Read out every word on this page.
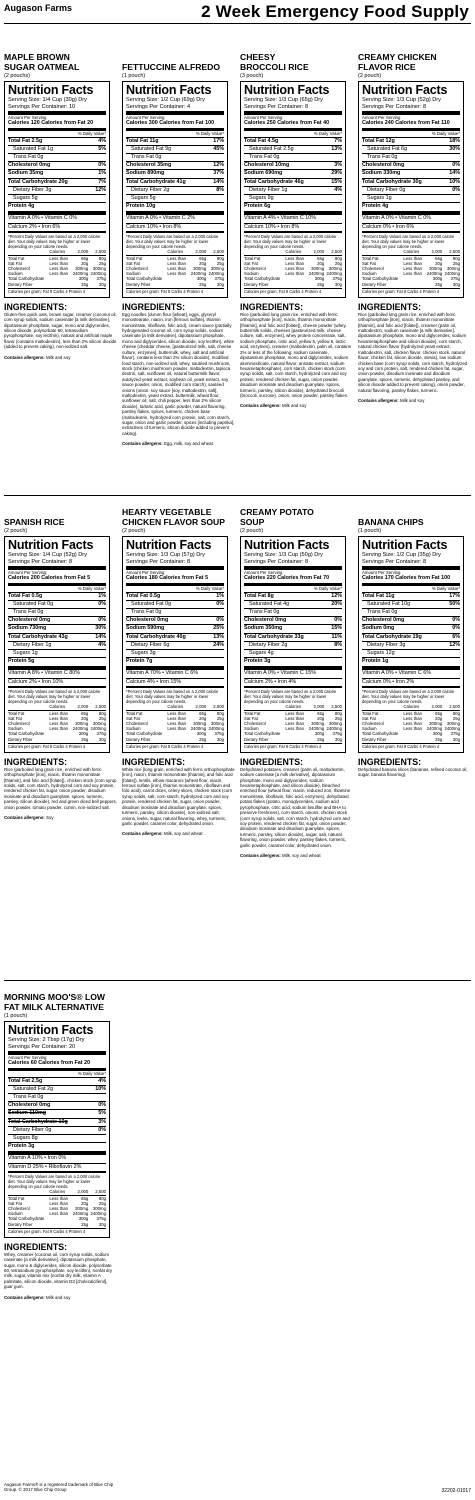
Augason Farms	2 Week Emergency Food Supply
MAPLE BROWN
SUGAR OATMEAL
(2 pouchs)
Nutrition Facts
Serving Size: 1/4 Cup (30g) Dry
Servings Per Container: 10
Amount Per Serving
Calories 120 Calories from Fat 20
% Daily Value*
Total Fat 2.5g	4%
Saturated Fat 1g	5%
Trans Fat 0g
Cholesterol 0mg	0%
Sodium 35mg	1%
Total Carbohydrate 20g	7%
Dietary Fiber 3g	12%
Sugars 5g
Protein 4g
Vitamin A 0% • Vitamin C 0%
Calcium 2% • Iron 6%
*Percent Daily Values are based on a 2,000 calorie diet. Your daily values may be higher or lower depending on your calorie needs.
	Calories	2,000	2,500
Total Fat	Less than	65g	80g
Sat Fat	Less than	20g	25g
Cholesterol	Less than	300mg	300mg
Sodium	Less than	2400mg	2400mg
Total Carbohydrate		300g	375g
Dietary Fiber		25g	30g
Calories per gram: Fat 9 Carbs 4 Protein 4
INGREDIENTS:
Gluten-free quick oats, brown sugar, creamer (coconut oil, corn syrup solids, sodium caseinate [a milk derivative], dipotassium phosphate, sugar, mono and diglycerides, silicon dioxide, polysorbate 60, tetrasodium pyrophosphate, soy lecithin), natural and artificial maple flavor (contains maltodextrin), less than 2% silicon dioxide (added to prevent caking), non-iodized salt.
Contains allergens: Milk and soy
FETTUCCINE ALFREDO
(1 pouch)
Nutrition Facts
Serving Size: 1/2 Cup (69g) Dry
Servings Per Container: 4
Amount Per Serving
Calories 300 Calories from Fat 100
% Daily Value*
Total Fat 11g	17%
Saturated Fat 9g	45%
Trans Fat 0g
Cholesterol 35mg	12%
Sodium 890mg	37%
Total Carbohydrate 41g	14%
Dietary Fiber 2g	8%
Sugars 5g
Protein 10g
Vitamin A 0% • Vitamin C 2%
Calcium 10% • Iron 8%
*Percent Daily Values are based on a 2,000 calorie diet. Your daily values may be higher or lower depending on your calorie needs.
	Calories	2,000	2,500
Total Fat	Less than	65g	80g
Sat Fat	Less than	20g	25g
Cholesterol	Less than	300mg	300mg
Sodium	Less than	2400mg	2400mg
Total Carbohydrate		300g	375g
Dietary Fiber		25g	30g
Calories per gram: Fat 9 Carbs 4 Protein 4
INGREDIENTS:
Egg noodles (durum flour [wheat], eggs, glyceryl monostearate, niacin, iron [ferrous sulfate], thiamin mononitrate, riboflavin, folic acid), cream sauce (partially hydrogenated coconut oil, corn syrup solids, sodium caseinate [a milk derivative], dipotassium phosphate, mono and diglycerides, silicon dioxide, soy lecithin), white cheese (cheddar cheese, [pasteurized milk, salt, cheese culture, enzymes], buttermilk, whey, salt and artificial flavor), contains less than 2% silicon dioxide), modified food starch, non-iodized salt, whey, sautéed mushroom, stock (chicken mushroom powder, maltodextrin, tapioca dextrin, salt, sunflower oil, natural buttermilk flavor, autolyzed yeast extract, soybean oil, yeast extract, soy sauce powder, onion, modified corn starch), sautéed onions (onion, soy sauce [soy, maltodextrin, salt], maltodextrin, yeast extract, buttermilk, wheat flour, sunflower oil, salt, chili pepper, less than 2% silicon dioxide), tartaric acid, garlic powder, natural flavoring, parsley flakes, spices, turmeric, chicken base (maltodextrin, hydrolyzed corn protein, salt, corn starch, sugar, onion and garlic powder, spices [including paprika], extractives of turmeric, silicon dioxide added to prevent caking).
Contains allergens: Egg, milk, soy and wheat
CHEESY
BROCCOLI RICE
(3 pouch)
Nutrition Facts
Serving Size: 1/3 Cup (65g) Dry
Servings Per Container: 8
Amount Per Serving
Calories 250 Calories from Fat 40
% Daily Value*
Total Fat 4.5g	7%
Saturated Fat 2.5g	13%
Trans Fat 0g
Cholesterol 10mg	3%
Sodium 690mg	29%
Total Carbohydrate 46g	15%
Dietary Fiber 1g	4%
Sugars 9g
Protein 6g
Vitamin A 4% • Vitamin C 10%
Calcium 10% • Iron 8%
*Percent Daily Values are based on a 2,000 calorie diet. Your daily values may be higher or lower depending on your calorie needs.
	Calories	2,000	2,500
Total Fat	Less than	65g	80g
Sat Fat	Less than	20g	25g
Cholesterol	Less than	300mg	300mg
Sodium	Less than	2400mg	2400mg
Total Carbohydrate		300g	375g
Dietary Fiber		25g	30g
Calories per gram: Fat 9 Carbs 4 Protein 4
INGREDIENTS:
Rice (parboiled long grain rice, enriched with ferric orthophosphate [iron], niacin, thiamin mononitrate [thiamin], and folic acid [folate]), cheese powder (whey, buttermilk solids, cheeses [pasteurized milk, cheese culture, salt, enzymes], whey protein concentrate, salt, sodium phosphate, citric acid, yellow 5, yellow 6, lactic acid, enzymes), creamer (maltodextrin, palm oil, contains 2% or less of the following: sodium caseinate, dipotassium phosphate, mono and diglycerides, sodium aluminosilicate, natural flavor, annatto extract, sodium hexametaphosphate), corn starch, chicken stock (corn syrup solids, salt, corn starch, hydrolyzed corn and soy protein, rendered chicken fat, sugar, onion powder, disodium inosinate and disodium guanylate, spices, turmeric, parsley, silicon dioxide), dehydrated broccoli (broccoli, sucrose), onion, onion powder, parsley flakes.
Contains allergens: Milk and soy
CREAMY CHICKEN
FLAVOR RICE
(2 pouch)
Nutrition Facts
Serving Size: 1/3 Cup (52g) Dry
Servings Per Container: 8
Amount Per Serving
Calories 240 Calories from Fat 110
% Daily Value*
Total Fat 12g	18%
Saturated Fat 6g	30%
Trans Fat 0g
Cholesterol 0mg	0%
Sodium 330mg	14%
Total Carbohydrate 30g	10%
Dietary Fiber 0g	0%
Sugars 1g
Protein 4g
Vitamin A 0% • Vitamin C 0%
Calcium 0% • Iron 6%
*Percent Daily Values are based on a 2,000 calorie diet. Your daily values may be higher or lower depending on your calorie needs.
	Calories	2,000	2,500
Total Fat	Less than	65g	80g
Sat Fat	Less than	20g	25g
Cholesterol	Less than	300mg	300mg
Sodium	Less than	2400mg	2400mg
Total Carbohydrate		300g	375g
Dietary Fiber		25g	30g
Calories per gram: Fat 9 Carbs 4 Protein 4
INGREDIENTS:
Rice (parboiled long grain rice, enriched with ferric orthophosphate [iron], niacin, thiamin mononitrate [thiamin], and folic acid [folate]), creamer (palm oil, maltodextrin, sodium caseinate [a milk derivative], dipotassium phosphate, mono and diglycerides, sodium hexametaphosphate and silicon dioxide), corn starch, natural chicken flavor (hydrolyzed yeast extract, maltodextrin, salt, chicken flavor, chicken stock, natural flavor, chicken fat, silicon dioxide, stevia), low sodium chicken base (corn syrup solids, corn starch, hydrolyzed soy and corn protein, salt, rendered chicken fat, sugar, onion powder, disodium inosinate and disodium guanylate, spices, turmeric, dehydrated parsley, and silicon dioxide added to prevent caking), onion powder, natural flavoring, parsley flakes, turmeric.
Contains allergens: Milk and soy
SPANISH RICE
(2 pouch)
Nutrition Facts
Serving Size: 1/4 Cup (52g) Dry
Servings Per Container: 8
Amount Per Serving
Calories 200 Calories from Fat 5
% Daily Value*
Total Fat 0.5g	1%
Saturated Fat 0g	0%
Trans Fat 0g
Cholesterol 0mg	0%
Sodium 730mg	30%
Total Carbohydrate 43g	14%
Dietary Fiber 1g	4%
Sugars 1g
Protein 5g
Vitamin A 8% • Vitamin C 80%
Calcium 2% • Iron 10%
*Percent Daily Values are based on a 2,000 calorie diet. Your daily values may be higher or lower depending on your calorie needs.
	Calories	2,000	2,500
Total Fat	Less than	65g	80g
Sat Fat	Less than	20g	25g
Cholesterol	Less than	300mg	300mg
Sodium	Less than	2400mg	2400mg
Total Carbohydrate		300g	375g
Dietary Fiber		25g	30g
Calories per gram: Fat 9 Carbs 4 Protein 4
INGREDIENTS:
Rice (parboiled long grain rice, enriched with ferric orthophosphate [iron], niacin, thiamin mononitrate [thiamin], and folic acid [folate]), chicken stock (corn syrup solids, salt, corn starch, hydrolyzed corn and soy protein, rendered chicken fat, sugar, onion powder, disodium inosinate and disodium guanylate, spices, turmeric, parsley, silicon dioxide), red and green diced bell peppers, onion powder, tomato powder, cumin, non-iodized salt.
Contains allergens: Soy
HEARTY VEGETABLE
CHICKEN FLAVOR SOUP
(2 pouch)
Nutrition Facts
Serving Size: 1/3 Cup (57g) Dry
Servings Per Container: 8
Amount Per Serving
Calories 180 Calories from Fat 5
% Daily Value*
Total Fat 0.5g	1%
Saturated Fat 0g	0%
Trans Fat 0g
Cholesterol 0mg	0%
Sodium 590mg	25%
Total Carbohydrate 40g	13%
Dietary Fiber 6g	24%
Sugars 3g
Protein 7g
Vitamin A 70% • Vitamin C 6%
Calcium 4% • Iron 15%
*Percent Daily Values are based on a 2,000 calorie diet. Your daily values may be higher or lower depending on your calorie needs.
	Calories	2,000	2,500
Total Fat	Less than	65g	80g
Sat Fat	Less than	20g	25g
Cholesterol	Less than	300mg	300mg
Sodium	Less than	2400mg	2400mg
Total Carbohydrate		300g	375g
Dietary Fiber		25g	30g
Calories per gram: Fat 9 Carbs 4 Protein 4
INGREDIENTS:
White rice (long grain, enriched with ferric orthophosphate [iron], niacin, thiamin mononitrate [thiamin], and folic acid [folate]), lentils, elbow macaroni (wheat flour, niacin, ferrous sulfate [iron], thiamin mononitrate, riboflavin and folic acid), carrot dices, celery slices, chicken stock (corn syrup solids, salt, corn starch, hydrolyzed corn and soy protein, rendered chicken fat, sugar, onion powder, disodium inosinate and disodium guanylate, spices, turmeric, parsley, silicon dioxide), non-iodized salt, onions, leeks, sugar, natural flavoring, whey, turmeric, garlic powder, caramel color, dehydrated onion.
Contains allergens: Milk, soy and wheat
CREAMY POTATO
SOUP
(2 pouch)
Nutrition Facts
Serving Size: 1/3 Cup (50g) Dry
Servings Per Container: 8
Amount Per Serving
Calories 220 Calories from Fat 70
% Daily Value*
Total Fat 8g	12%
Saturated Fat 4g	20%
Trans Fat 0g
Cholesterol 0mg	0%
Sodium 350mg	15%
Total Carbohydrate 33g	11%
Dietary Fiber 2g	8%
Sugars 4g
Protein 3g
Vitamin A 0% • Vitamin C 15%
Calcium 2% • Iron 4%
*Percent Daily Values are based on a 2,000 calorie diet. Your daily values may be higher or lower depending on your calorie needs.
	Calories	2,000	2,500
Total Fat	Less than	65g	80g
Sat Fat	Less than	20g	25g
Cholesterol	Less than	300mg	300mg
Sodium	Less than	2400mg	2400mg
Total Carbohydrate		300g	375g
Dietary Fiber		25g	30g
Calories per gram: Fat 9 Carbs 4 Protein 4
INGREDIENTS:
Dehydrated potatoes, creamer (palm oil, maltodextrin, sodium caseinate [a milk derivative], dipotassium phosphate, mono and diglycerides, sodium hexametaphosphate, and silicon dioxide), bleached enriched flour (wheat flour, niacin, reduced iron, thiamine mononitrate, riboflavin, folic acid, enzymes), dehydrated potato flakes (potato, monoglycerides, sodium acid pyrophosphate, citric acid, sodium bisulfite and BHA to preserve freshness), corn starch, onions, chicken stock (corn syrup solids, salt, corn starch, hydrolyzed corn and soy protein, rendered chicken fat, sugar, onion powder, disodium inosinate and disodium guanylate, spices, turmeric, parsley, silicon dioxide), sugar, salt, natural flavoring, onion powder, whey, parsley flakes, turmeric, garlic powder, caramel color, dehydrated onion.
Contains allergens: Milk, soy and wheat
BANANA CHIPS
(1 pouch)
Nutrition Facts
Serving Size: 1/2 Cup (35g) Dry
Servings Per Container: 8
Amount Per Serving
Calories 170 Calories from Fat 100
% Daily Value*
Total Fat 11g	17%
Saturated Fat 10g	50%
Trans Fat 0g
Cholesterol 0mg	0%
Sodium 0mg	0%
Total Carbohydrate 19g	6%
Dietary Fiber 3g	12%
Sugars 12g
Protein 1g
Vitamin A 0% • Vitamin C 6%
Calcium 0% • Iron 2%
*Percent Daily Values are based on a 2,000 calorie diet. Your daily values may be higher or lower depending on your calorie needs.
	Calories	2,000	2,500
Total Fat	Less than	65g	80g
Sat Fat	Less than	20g	25g
Cholesterol	Less than	300mg	300mg
Sodium	Less than	2400mg	2400mg
Total Carbohydrate		300g	375g
Dietary Fiber		25g	30g
Calories per gram: Fat 9 Carbs 4 Protein 4
INGREDIENTS:
Dehydrated banana slices (bananas, refined coconut oil, sugar, banana flavoring).
MORNING MOO'S® LOW
FAT MILK ALTERNATIVE
(1 pouch)
Nutrition Facts
Serving Size: 2 Tbsp (17g) Dry
Servings Per Container: 20
Amount Per Serving
Calories 60 Calories from Fat 20
% Daily Value*
Total Fat 2.5g	4%
Saturated Fat 2g	10%
Trans Fat 0g
Cholesterol 0mg	0%
Sodium 110mg	5%
Total Carbohydrate 10g	3%
Dietary Fiber 0g	0%
Sugars 8g
Protein 3g
Vitamin A 10% • Iron 0%
Vitamin D 25% • Riboflavin 2%
*Percent Daily Values are based on a 2,000 calorie diet. Your daily values may be higher or lower depending on your calorie needs.
	Calories	2,000	2,500
Total Fat	Less than	65g	80g
Sat Fat	Less than	20g	25g
Cholesterol	Less than	300mg	300mg
Sodium	Less than	2400mg	2400mg
Total Carbohydrate		300g	375g
Dietary Fiber		25g	30g
Calories per gram: Fat 9 Carbs 4 Protein 4
INGREDIENTS:
Whey, creamer (coconut oil, corn syrup solids, sodium caseinate [a milk derivative], dipotassium phosphate, sugar, mono & diglycerides, silicon dioxide, polysorbate 60, tetrasodium pyrophosphate, soy lecithin), nonfat dry milk, sugar, vitamin mix (nonfat dry milk, vitamin A palmitate, silicon dioxide, vitamin D3 [cholecalciferol], guar gum.
Contains allergens: Milk and soy
Augason Farms® is a registered trademark of Blue Chip Group. © 2017 Blue Chip Group	32202-01017
